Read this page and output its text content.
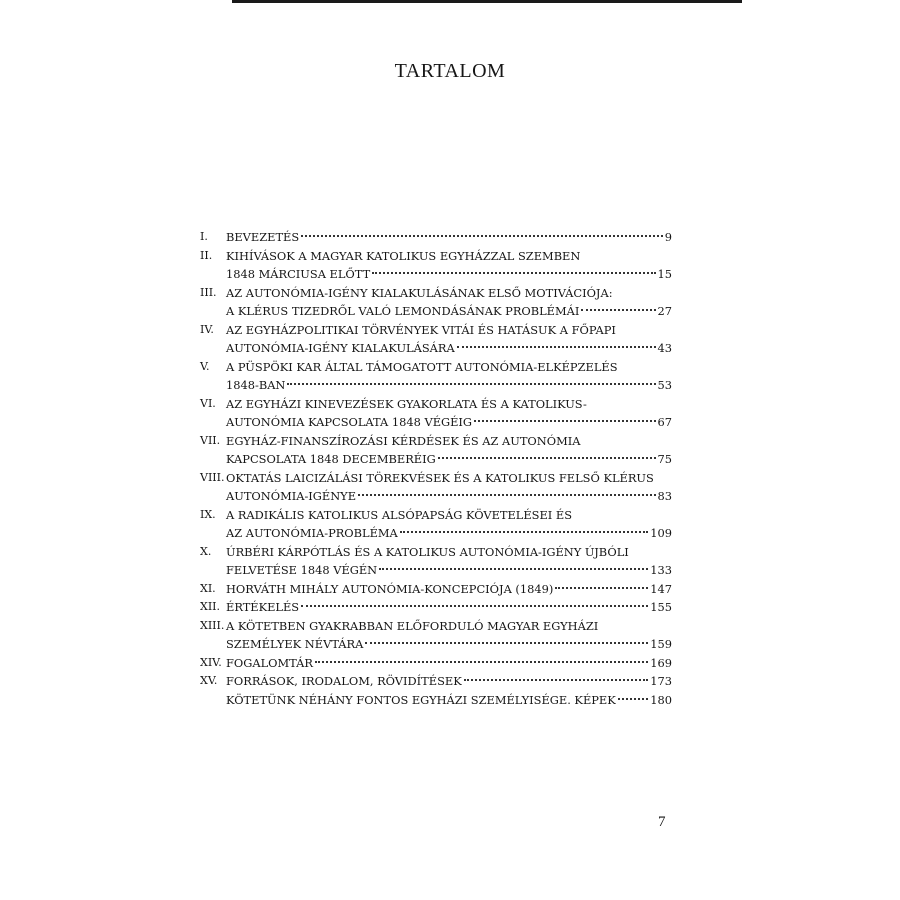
TARTALOM
I.	BEVEZETÉS	9
II.	KIHÍVÁSOK A MAGYAR KATOLIKUS EGYHÁZZAL SZEMBEN
1848 MÁRCIUSA ELŐTT	15
III. AZ AUTONÓMIA-IGÉNY KIALAKULÁSÁNAK ELSŐ MOTIVÁCIÓJA:
A KLÉRUS TIZEDRŐL VALÓ LEMONDÁSÁNAK PROBLÉMÁI	27
IV.	AZ EGYHÁZPOLITIKAI TÖRVÉNYEK VITÁI ÉS HATÁSUK A FŐPAPI
AUTONÓMIA-IGÉNY KIALAKULÁSÁRA	43
V.	A PÜSPÖKI KAR ÁLTAL TÁMOGATOTT AUTONÓMIA-ELKÉPZELÉS
1848-BAN	53
VI. AZ EGYHÁZI KINEVEZÉSEK GYAKORLATA ÉS A KATOLIKUS-
AUTONÓMIA KAPCSOLATA 1848 VÉGÉIG	67
VII. EGYHÁZ-FINANSZÍROZÁSI KÉRDÉSEK ÉS AZ AUTONÓMIA
KAPCSOLATA 1848 DECEMBERÉIG	75
VIII. OKTATÁS LAICIZÁLÁSI TÖREKVÉSEK ÉS A KATOLIKUS FELSŐ KLÉRUS
AUTONÓMIA-IGÉNYE	83
IX. A RADIKÁLIS KATOLIKUS ALSÓPAPSÁG KÖVETELÉSEI ÉS
AZ AUTONÓMIA-PROBLÉMA	109
X.	ÚRBÉRI KÁRPÓTLÁS ÉS A KATOLIKUS AUTONÓMIA-IGÉNY ÚJBÓLI
FELVETÉSE 1848 VÉGÉN	133
XI. HORVÁTH MIHÁLY AUTONÓMIA-KONCEPCIÓJA (1849)	147
XII. ÉRTÉKELÉS	155
XIII. A KÖTETBEN GYAKRABBAN ELŐFORDULÓ MAGYAR EGYHÁZI
SZEMÉLYEK NÉVTÁRA	159
XIV. FOGALOMTÁR	169
XV. FORRÁSOK, IRODALOM, RÖVIDÍTÉSEK	173
KÖTETÜNK NÉHÁNY FONTOS EGYHÁZI SZEMÉLYISÉGE. KÉPEK	180
7
